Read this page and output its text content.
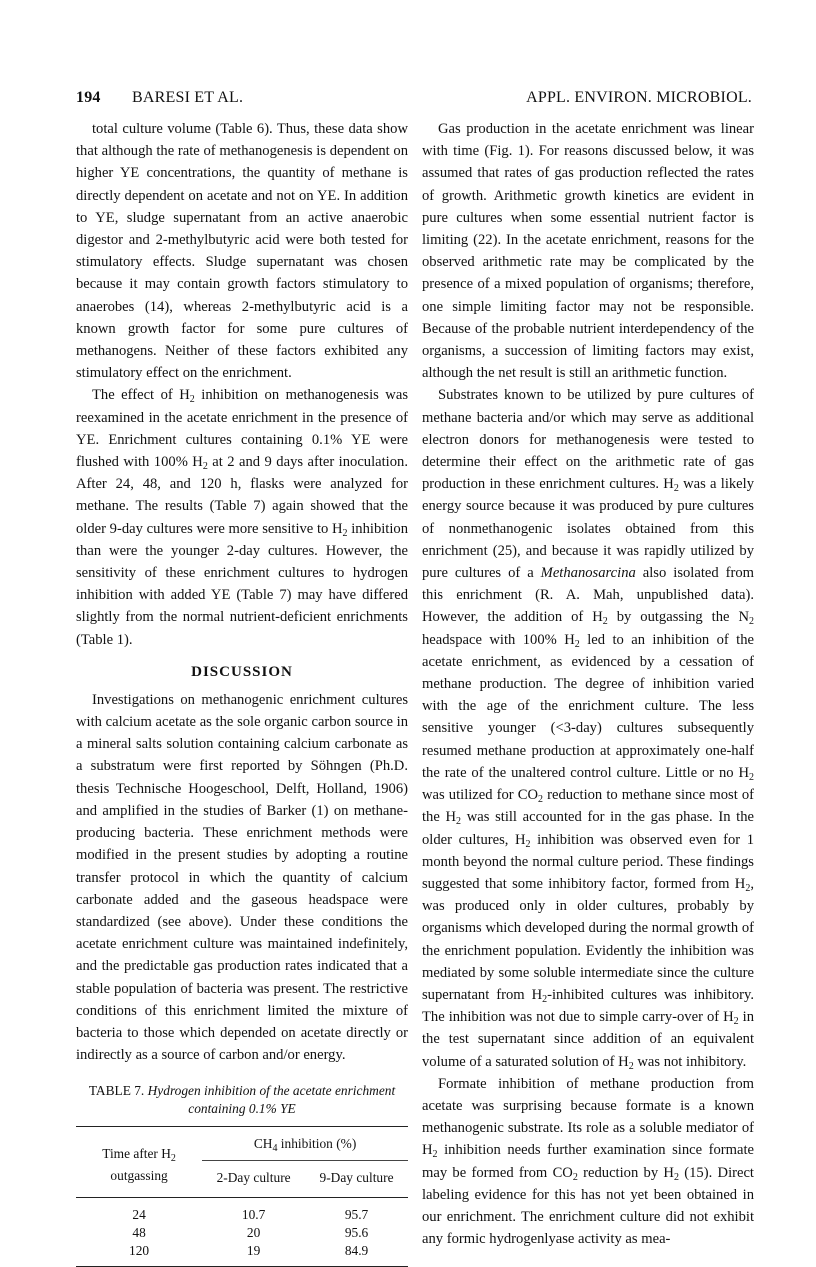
194 BARESI ET AL.	APPL. ENVIRON. MICROBIOL.

total culture volume (Table 6). Thus, these data show that although the rate of methanogenesis is dependent on higher YE concentrations, the quantity of methane is directly dependent on acetate and not on YE. In addition to YE, sludge supernatant from an active anaerobic digestor and 2-methylbutyric acid were both tested for stimulatory effects. Sludge supernatant was chosen because it may contain growth factors stimulatory to anaerobes (14), whereas 2-methylbutyric acid is a known growth factor for some pure cultures of methanogens. Neither of these factors exhibited any stimulatory effect on the enrichment.

The effect of $H_2$ inhibition on methanogenesis was reexamined in the acetate enrichment in the presence of YE. Enrichment cultures containing 0.1% YE were flushed with 100% $H_2$ at 2 and 9 days after inoculation. After 24, 48, and 120 h, flasks were analyzed for methane. The results (Table 7) again showed that the older 9-day cultures were more sensitive to $H_2$ inhibition than were the younger 2-day cultures. However, the sensitivity of these enrichment cultures to hydrogen inhibition with added YE (Table 7) may have differed slightly from the normal nutrient-deficient enrichments (Table 1).

DISCUSSION

Investigations on methanogenic enrichment cultures with calcium acetate as the sole organic carbon source in a mineral salts solution containing calcium carbonate as a substratum were first reported by Söhngen (Ph.D. thesis Technische Hoogeschool, Delft, Holland, 1906) and amplified in the studies of Barker (1) on methane-producing bacteria. These enrichment methods were modified in the present studies by adopting a routine transfer protocol in which the quantity of calcium carbonate added and the gaseous headspace were standardized (see above). Under these conditions the acetate enrichment culture was maintained indefinitely, and the predictable gas production rates indicated that a stable population of bacteria was present. The restrictive conditions of this enrichment limited the mixture of bacteria to those which depended on acetate directly or indirectly as a source of carbon and/or energy.

TABLE 7. Hydrogen inhibition of the acetate enrichment containing 0.1% YE
Time after $H_2$
outgassing	$CH_4$ inhibition (%)	
	2-Day culture	9-Day culture
24	10.7	95.7
48	20	95.6
120	19	84.9

Gas production in the acetate enrichment was linear with time (Fig. 1). For reasons discussed below, it was assumed that rates of gas production reflected the rates of growth. Arithmetic growth kinetics are evident in pure cultures when some essential nutrient factor is limiting (22). In the acetate enrichment, reasons for the observed arithmetic rate may be complicated by the presence of a mixed population of organisms; therefore, one simple limiting factor may not be responsible. Because of the probable nutrient interdependency of the organisms, a succession of limiting factors may exist, although the net result is still an arithmetic function.

Substrates known to be utilized by pure cultures of methane bacteria and/or which may serve as additional electron donors for methanogenesis were tested to determine their effect on the arithmetic rate of gas production in these enrichment cultures. $H_2$ was a likely energy source because it was produced by pure cultures of nonmethanogenic isolates obtained from this enrichment (25), and because it was rapidly utilized by pure cultures of a Methanosarcina also isolated from this enrichment (R. A. Mah, unpublished data). However, the addition of $H_2$ by outgassing the $N_2$ headspace with 100% $H_2$ led to an inhibition of the acetate enrichment, as evidenced by a cessation of methane production. The degree of inhibition varied with the age of the enrichment culture. The less sensitive younger (<3-day) cultures subsequently resumed methane production at approximately one-half the rate of the unaltered control culture. Little or no $H_2$ was utilized for $CO_2$ reduction to methane since most of the $H_2$ was still accounted for in the gas phase. In the older cultures, $H_2$ inhibition was observed even for 1 month beyond the normal culture period. These findings suggested that some inhibitory factor, formed from $H_2$, was produced only in older cultures, probably by organisms which developed during the normal growth of the enrichment population. Evidently the inhibition was mediated by some soluble intermediate since the culture supernatant from $H_2$-inhibited cultures was inhibitory. The inhibition was not due to simple carry-over of $H_2$ in the test supernatant since addition of an equivalent volume of a saturated solution of $H_2$ was not inhibitory.

Formate inhibition of methane production from acetate was surprising because formate is a known methanogenic substrate. Its role as a soluble mediator of $H_2$ inhibition needs further examination since formate may be formed from $CO_2$ reduction by $H_2$ (15). Direct labeling evidence for this has not yet been obtained in our enrichment. The enrichment culture did not exhibit any formic hydrogenlyase activity as mea-
